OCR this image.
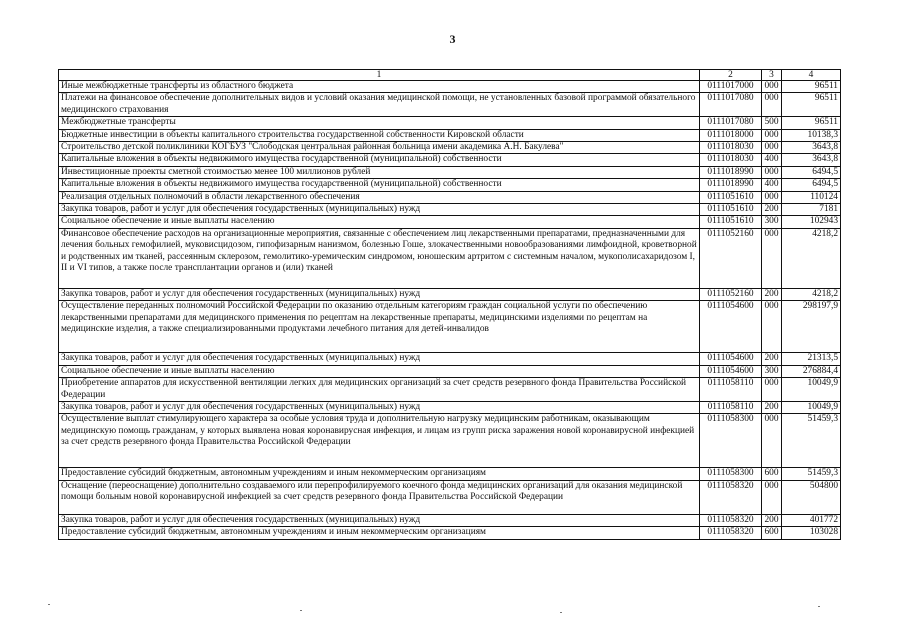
3
1	2	3	4
Иные межбюджетные трансферты из областного бюджета	0111017000	000	96511
Платежи на финансовое обеспечение дополнительных видов и условий оказания медицинской помощи, не установленных базовой программой обязательного медицинского страхования	0111017080	000	96511
Межбюджетные трансферты	0111017080	500	96511
Бюджетные инвестиции в объекты капитального строительства государственной собственности Кировской области	0111018000	000	10138,3
Строительство детской поликлиники КОГБУЗ "Слободская центральная районная больница имени академика А.Н. Бакулева"	0111018030	000	3643,8
Капитальные вложения в объекты недвижимого имущества государственной (муниципальной) собственности	0111018030	400	3643,8
Инвестиционные проекты сметной стоимостью менее 100 миллионов рублей	0111018990	000	6494,5
Капитальные вложения в объекты недвижимого имущества государственной (муниципальной) собственности	0111018990	400	6494,5
Реализация отдельных полномочий в области лекарственного обеспечения	0111051610	000	110124
Закупка товаров, работ и услуг для обеспечения государственных (муниципальных) нужд	0111051610	200	7181
Социальное обеспечение и иные выплаты населению	0111051610	300	102943
Финансовое обеспечение расходов на организационные мероприятия, связанные с обеспечением лиц лекарственными препаратами, предназначенными для лечения больных гемофилией, муковисцидозом, гипофизарным нанизмом, болезнью Гоше, злокачественными новообразованиями лимфоидной, кроветворной и родственных им тканей, рассеянным склерозом, гемолитико-уремическим синдромом, юношеским артритом с системным началом, мукополисахаридозом I, II и VI типов, а также после трансплантации органов и (или) тканей	0111052160	000	4218,2
Закупка товаров, работ и услуг для обеспечения государственных (муниципальных) нужд	0111052160	200	4218,2
Осуществление переданных полномочий Российской Федерации по оказанию отдельным категориям граждан социальной услуги по обеспечению лекарственными препаратами для медицинского применения по рецептам на лекарственные препараты, медицинскими изделиями по рецептам на медицинские изделия, а также специализированными продуктами лечебного питания для детей-инвалидов	0111054600	000	298197,9
Закупка товаров, работ и услуг для обеспечения государственных (муниципальных) нужд	0111054600	200	21313,5
Социальное обеспечение и иные выплаты населению	0111054600	300	276884,4
Приобретение аппаратов для искусственной вентиляции легких для медицинских организаций за счет средств резервного фонда Правительства Российской Федерации	0111058110	000	10049,9
Закупка товаров, работ и услуг для обеспечения государственных (муниципальных) нужд	0111058110	200	10049,9
Осуществление выплат стимулирующего характера за особые условия труда и дополнительную нагрузку медицинским работникам, оказывающим медицинскую помощь гражданам, у которых выявлена новая коронавирусная инфекция, и лицам из групп риска заражения новой коронавирусной инфекцией за счет средств резервного фонда Правительства Российской Федерации	0111058300	000	51459,3
Предоставление субсидий бюджетным, автономным учреждениям и иным некоммерческим организациям	0111058300	600	51459,3
Оснащение (переоснащение) дополнительно создаваемого или перепрофилируемого коечного фонда медицинских организаций для оказания медицинской помощи больным новой коронавирусной инфекцией за счет средств резервного фонда Правительства Российской Федерации	0111058320	000	504800
Закупка товаров, работ и услуг для обеспечения государственных (муниципальных) нужд	0111058320	200	401772
Предоставление субсидий бюджетным, автономным учреждениям и иным некоммерческим организациям	0111058320	600	103028
